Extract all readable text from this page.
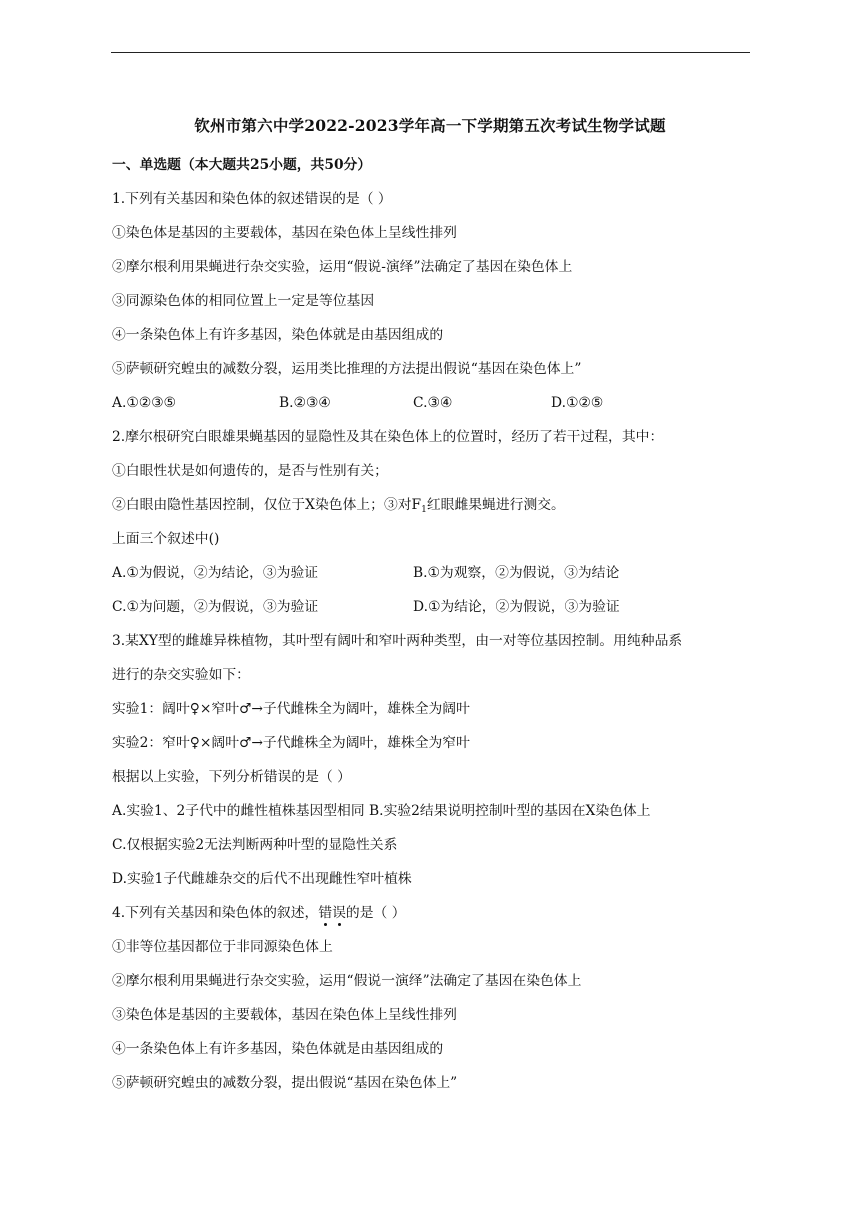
钦州市第六中学2022-2023学年高一下学期第五次考试生物学试题
一、单选题（本大题共25小题，共50分）
1.下列有关基因和染色体的叙述错误的是（ ）
①染色体是基因的主要载体，基因在染色体上呈线性排列
②摩尔根利用果蝇进行杂交实验，运用“假说-演绎”法确定了基因在染色体上
③同源染色体的相同位置上一定是等位基因
④一条染色体上有许多基因，染色体就是由基因组成的
⑤萨顿研究蝗虫的减数分裂，运用类比推理的方法提出假说“基因在染色体上”
A.①②③⑤	B.②③④	C.③④	D.①②⑤
2.摩尔根研究白眼雄果蝇基因的显隐性及其在染色体上的位置时，经历了若干过程，其中：
①白眼性状是如何遗传的，是否与性别有关；
②白眼由隐性基因控制，仅位于X染色体上；③对$F_1$红眼雌果蝇进行测交。
上面三个叙述中()
A.①为假说，②为结论，③为验证	B.①为观察，②为假说，③为结论
C.①为问题，②为假说，③为验证	D.①为结论，②为假说，③为验证
3.某XY型的雌雄异株植物，其叶型有阔叶和窄叶两种类型，由一对等位基因控制。用纯种品系
进行的杂交实验如下：
实验1：阔叶♀×窄叶♂→子代雌株全为阔叶，雄株全为阔叶
实验2：窄叶♀×阔叶♂→子代雌株全为阔叶，雄株全为窄叶
根据以上实验，下列分析错误的是（ ）
A.实验1、2子代中的雌性植株基因型相同 B.实验2结果说明控制叶型的基因在X染色体上
C.仅根据实验2无法判断两种叶型的显隐性关系
D.实验1子代雌雄杂交的后代不出现雌性窄叶植株
4.下列有关基因和染色体的叙述，错误的是（ ）
①非等位基因都位于非同源染色体上
②摩尔根利用果蝇进行杂交实验，运用“假说一演绎”法确定了基因在染色体上
③染色体是基因的主要载体，基因在染色体上呈线性排列
④一条染色体上有许多基因，染色体就是由基因组成的
⑤萨顿研究蝗虫的减数分裂，提出假说“基因在染色体上”
